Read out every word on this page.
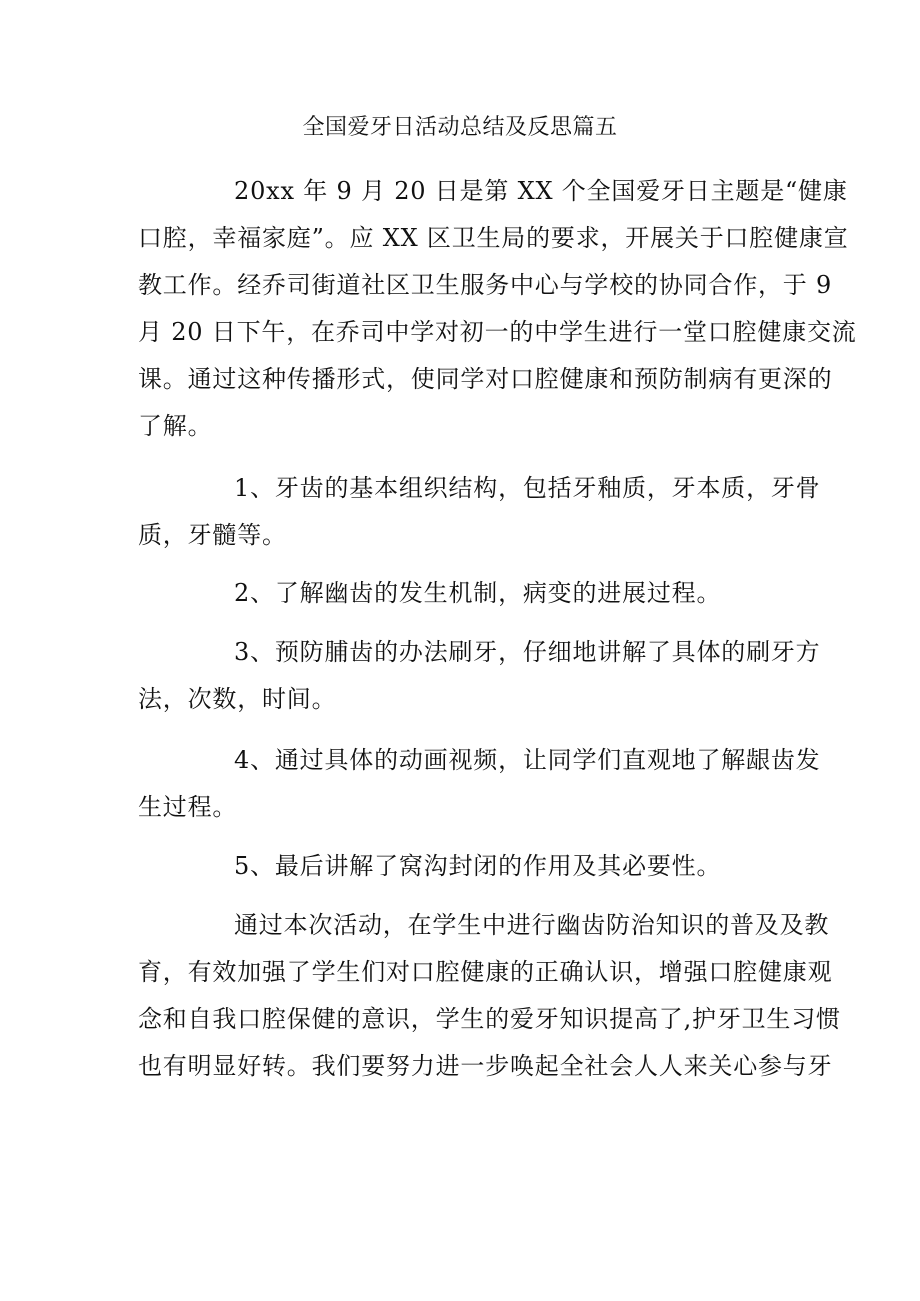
全国爱牙日活动总结及反思篇五
20xx 年 9 月 20 日是第 XX 个全国爱牙日主题是“健康
口腔，幸福家庭”。应 XX 区卫生局的要求，开展关于口腔健康宣
教工作。经乔司街道社区卫生服务中心与学校的协同合作，于 9
月 20 日下午，在乔司中学对初一的中学生进行一堂口腔健康交流
课。通过这种传播形式，使同学对口腔健康和预防制病有更深的
了解。
1、牙齿的基本组织结构，包括牙釉质，牙本质，牙骨
质，牙髓等。
2、了解幽齿的发生机制，病变的进展过程。
3、预防脯齿的办法刷牙，仔细地讲解了具体的刷牙方
法，次数，时间。
4、通过具体的动画视频，让同学们直观地了解龈齿发
生过程。
5、最后讲解了窝沟封闭的作用及其必要性。
通过本次活动，在学生中进行幽齿防治知识的普及及教
育，有效加强了学生们对口腔健康的正确认识，增强口腔健康观
念和自我口腔保健的意识，学生的爱牙知识提高了,护牙卫生习惯
也有明显好转。我们要努力进一步唤起全社会人人来关心参与牙
